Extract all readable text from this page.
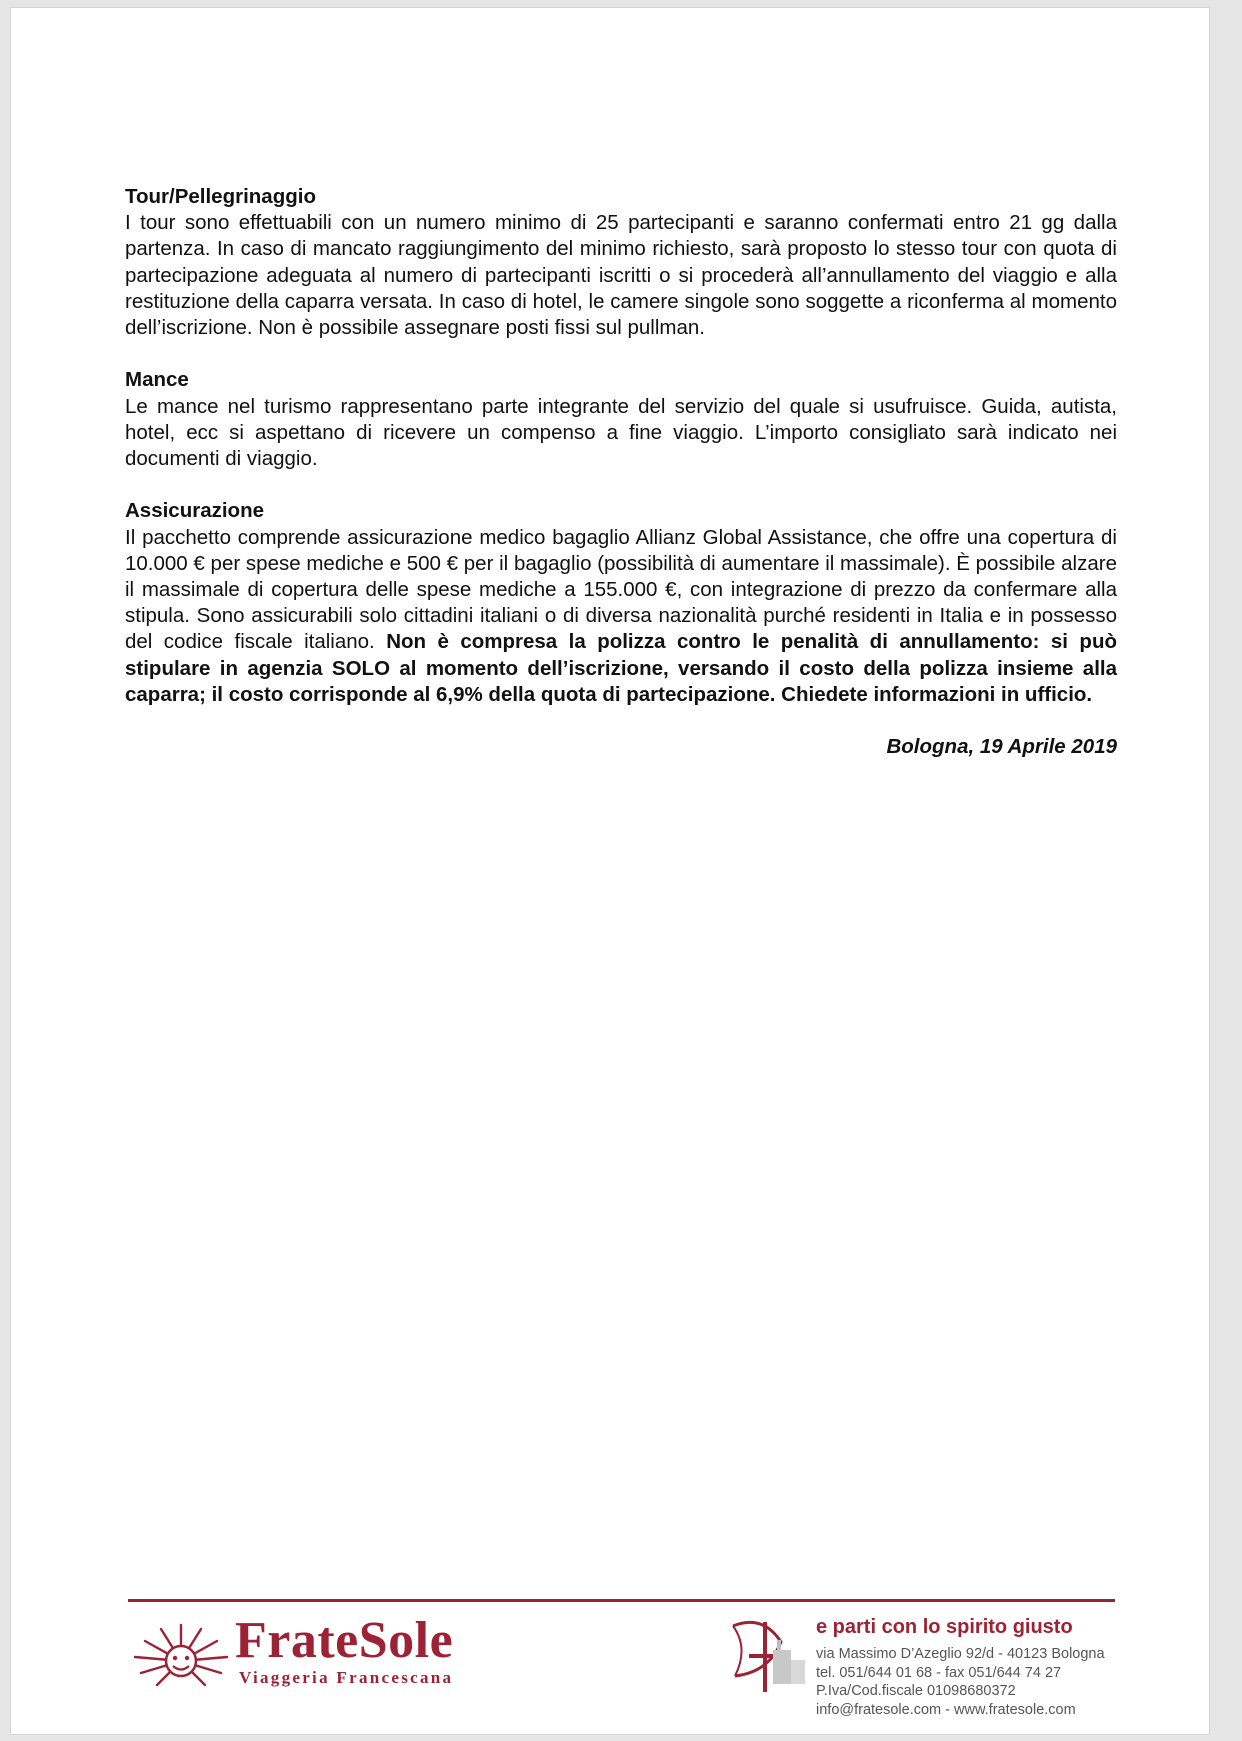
Tour/Pellegrinaggio
I tour sono effettuabili con un numero minimo di 25 partecipanti e saranno confermati entro 21 gg dalla partenza. In caso di mancato raggiungimento del minimo richiesto, sarà proposto lo stesso tour con quota di partecipazione adeguata al numero di partecipanti iscritti o si procederà all’annullamento del viaggio e alla restituzione della caparra versata. In caso di hotel, le camere singole sono soggette a riconferma al momento dell’iscrizione. Non è possibile assegnare posti fissi sul pullman.
Mance
Le mance nel turismo rappresentano parte integrante del servizio del quale si usufruisce. Guida, autista, hotel, ecc si aspettano di ricevere un compenso a fine viaggio. L’importo consigliato sarà indicato nei documenti di viaggio.
Assicurazione
Il pacchetto comprende assicurazione medico bagaglio Allianz Global Assistance, che offre una copertura di 10.000 € per spese mediche e 500 € per il bagaglio (possibilità di aumentare il massimale). È possibile alzare il massimale di copertura delle spese mediche a 155.000 €, con integrazione di prezzo da confermare alla stipula. Sono assicurabili solo cittadini italiani o di diversa nazionalità purché residenti in Italia e in possesso del codice fiscale italiano. Non è compresa la polizza contro le penalità di annullamento: si può stipulare in agenzia SOLO al momento dell’iscrizione, versando il costo della polizza insieme alla caparra; il costo corrisponde al 6,9% della quota di partecipazione. Chiedete informazioni in ufficio.
Bologna, 19 Aprile 2019
FrateSole
Viaggeria Francescana
e parti con lo spirito giusto
via Massimo D’Azeglio 92/d - 40123 Bologna
tel. 051/644 01 68 - fax 051/644 74 27
P.Iva/Cod.fiscale 01098680372
info@fratesole.com - www.fratesole.com
